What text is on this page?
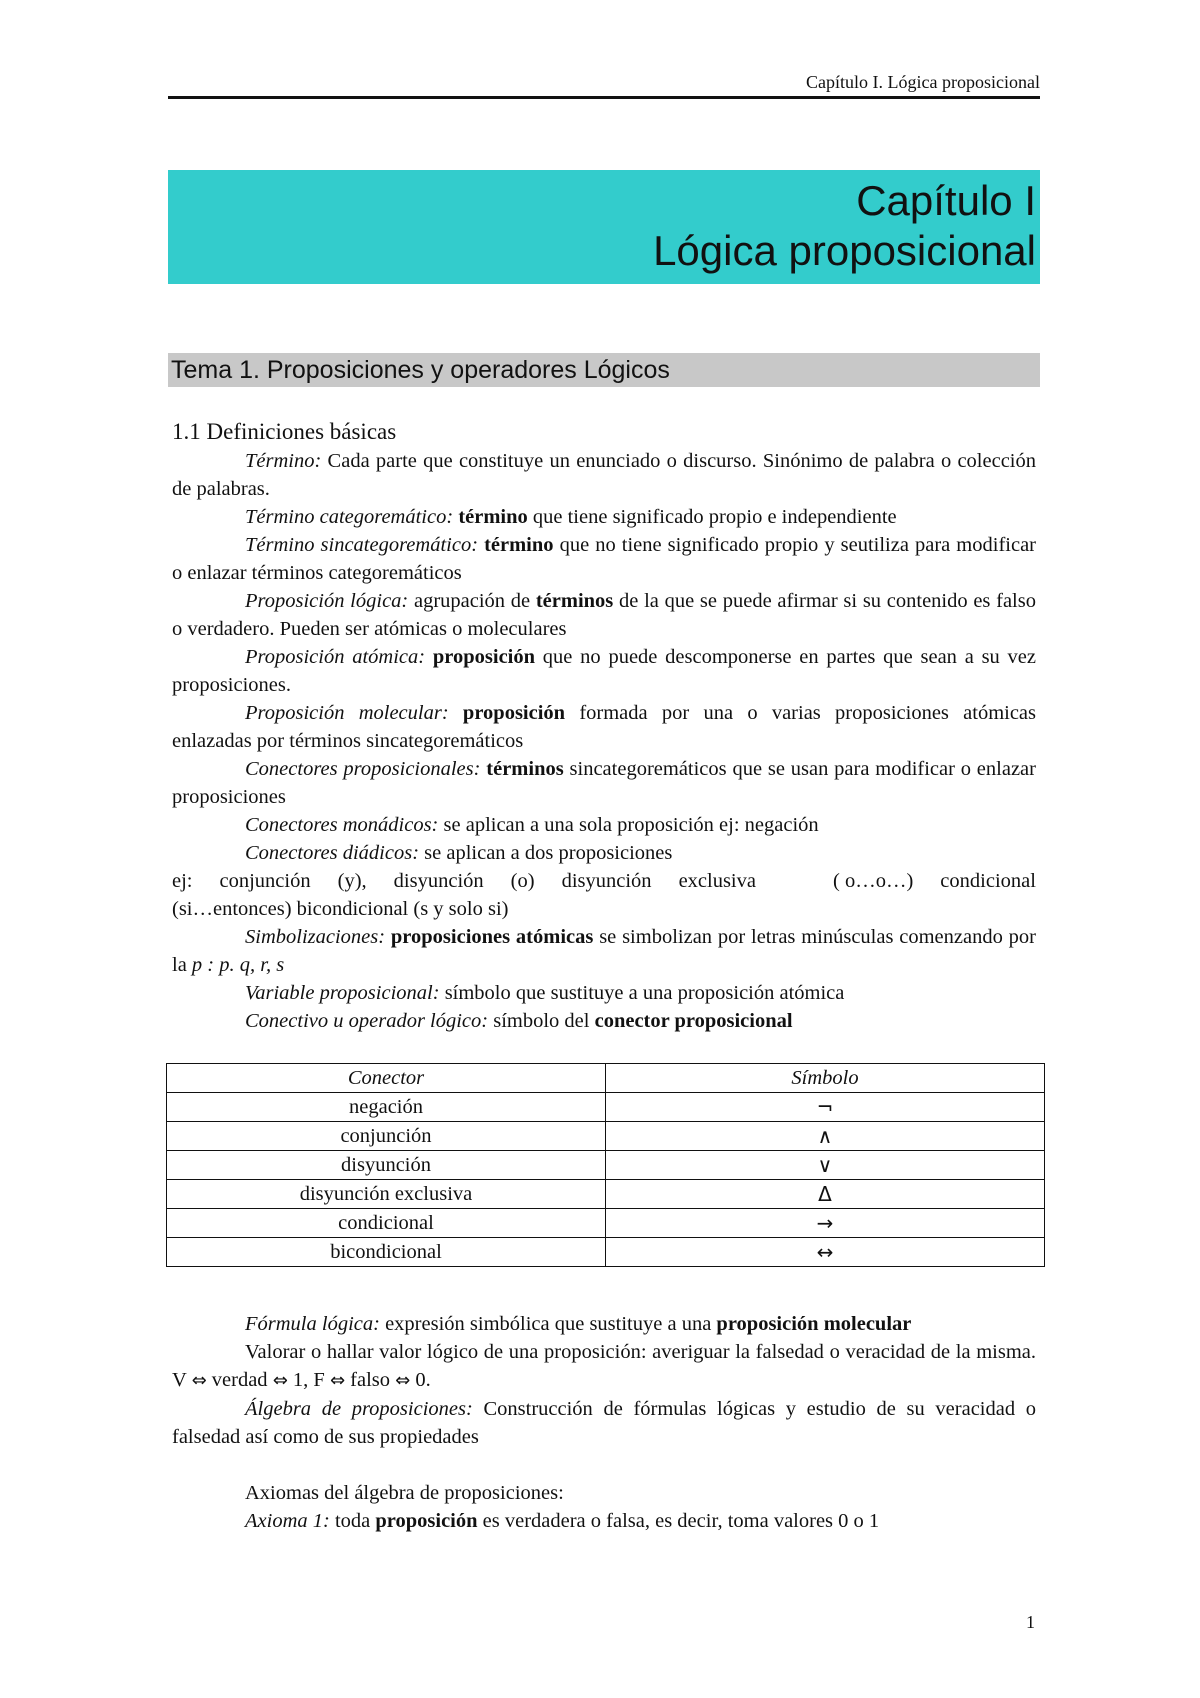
Capítulo I. Lógica proposicional
Capítulo I
Lógica proposicional
Tema 1. Proposiciones y operadores Lógicos

1.1 Definiciones básicas

Término: Cada parte que constituye un enunciado o discurso. Sinónimo de palabra o colección de palabras.

Término categoremático: término que tiene significado propio e independiente

Término sincategoremático: término que no tiene significado propio y seutiliza para modificar o enlazar términos categoremáticos

Proposición lógica: agrupación de términos de la que se puede afirmar si su contenido es falso o verdadero. Pueden ser atómicas o moleculares

Proposición atómica: proposición que no puede descomponerse en partes que sean a su vez proposiciones.

Proposición molecular: proposición formada por una o varias proposiciones atómicas enlazadas por términos sincategoremáticos

Conectores proposicionales: términos sincategoremáticos que se usan para modificar o enlazar proposiciones

Conectores monádicos: se aplican a una sola proposición ej: negación

Conectores diádicos: se aplican a dos proposiciones

ej: conjunción (y), disyunción (o) disyunción exclusiva	( o…o…) condicional

(si…entonces) bicondicional (s y solo si)

Simbolizaciones: proposiciones atómicas se simbolizan por letras minúsculas comenzando por la p : p. q, r, s

Variable proposicional: símbolo que sustituye a una proposición atómica

Conectivo u operador lógico: símbolo del conector proposicional

Conector	Símbolo
negación	¬
conjunción	∧
disyunción	∨
disyunción exclusiva	Δ
condicional	→
bicondicional	↔

Fórmula lógica: expresión simbólica que sustituye a una proposición molecular

Valorar o hallar valor lógico de una proposición: averiguar la falsedad o veracidad de la misma. V ⇔ verdad ⇔ 1, F ⇔ falso ⇔ 0.

Álgebra de proposiciones: Construcción de fórmulas lógicas y estudio de su veracidad o falsedad así como de sus propiedades

Axiomas del álgebra de proposiciones:

Axioma 1: toda proposición es verdadera o falsa, es decir, toma valores 0 o 1

1
